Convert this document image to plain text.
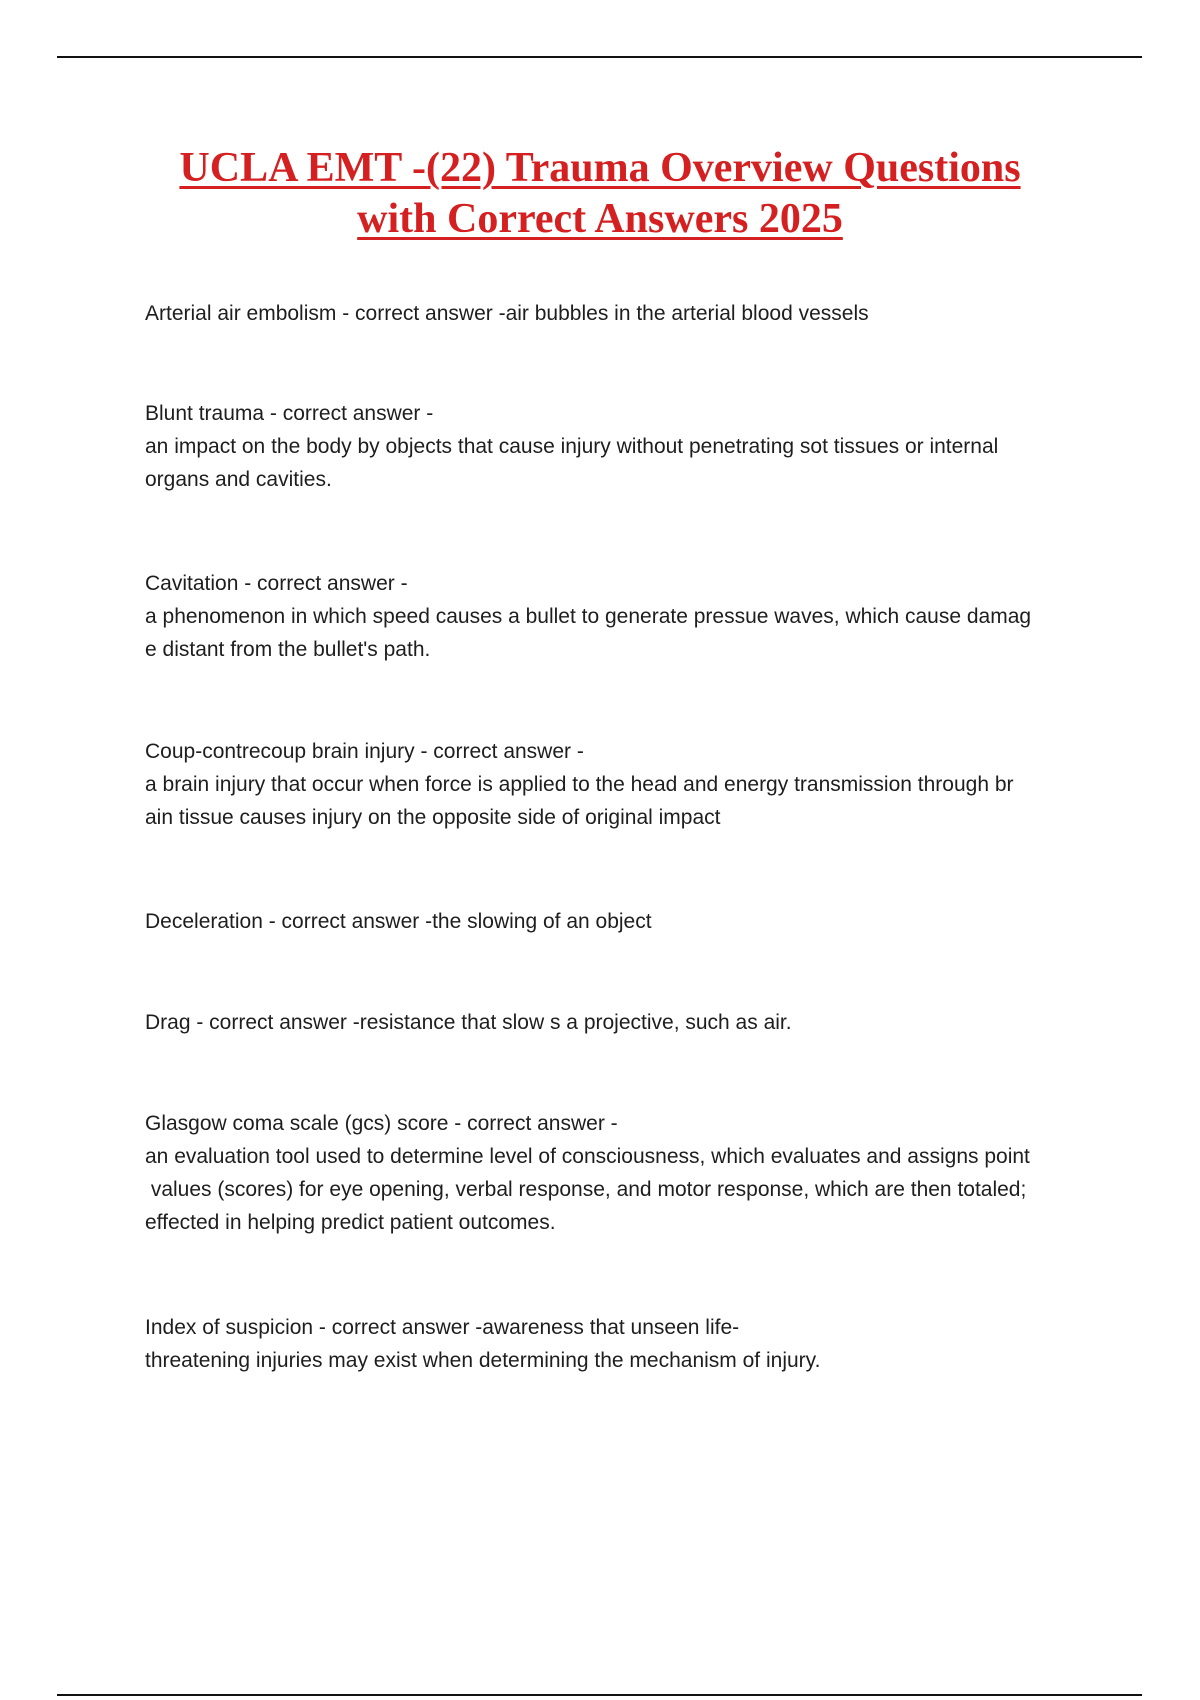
UCLA EMT -(22) Trauma Overview Questions
with Correct Answers 2025

Arterial air embolism - correct answer -air bubbles in the arterial blood vessels

Blunt trauma - correct answer -

an impact on the body by objects that cause injury without penetrating sot tissues or internal

organs and cavities.

Cavitation - correct answer -

a phenomenon in which speed causes a bullet to generate pressue waves, which cause damag

e distant from the bullet's path.

Coup-contrecoup brain injury - correct answer -

a brain injury that occur when force is applied to the head and energy transmission through br

ain tissue causes injury on the opposite side of original impact

Deceleration - correct answer -the slowing of an object

Drag - correct answer -resistance that slow s a projective, such as air.

Glasgow coma scale (gcs) score - correct answer -

an evaluation tool used to determine level of consciousness, which evaluates and assigns point

values (scores) for eye opening, verbal response, and motor response, which are then totaled;

effected in helping predict patient outcomes.

Index of suspicion - correct answer -awareness that unseen life-

threatening injuries may exist when determining the mechanism of injury.
